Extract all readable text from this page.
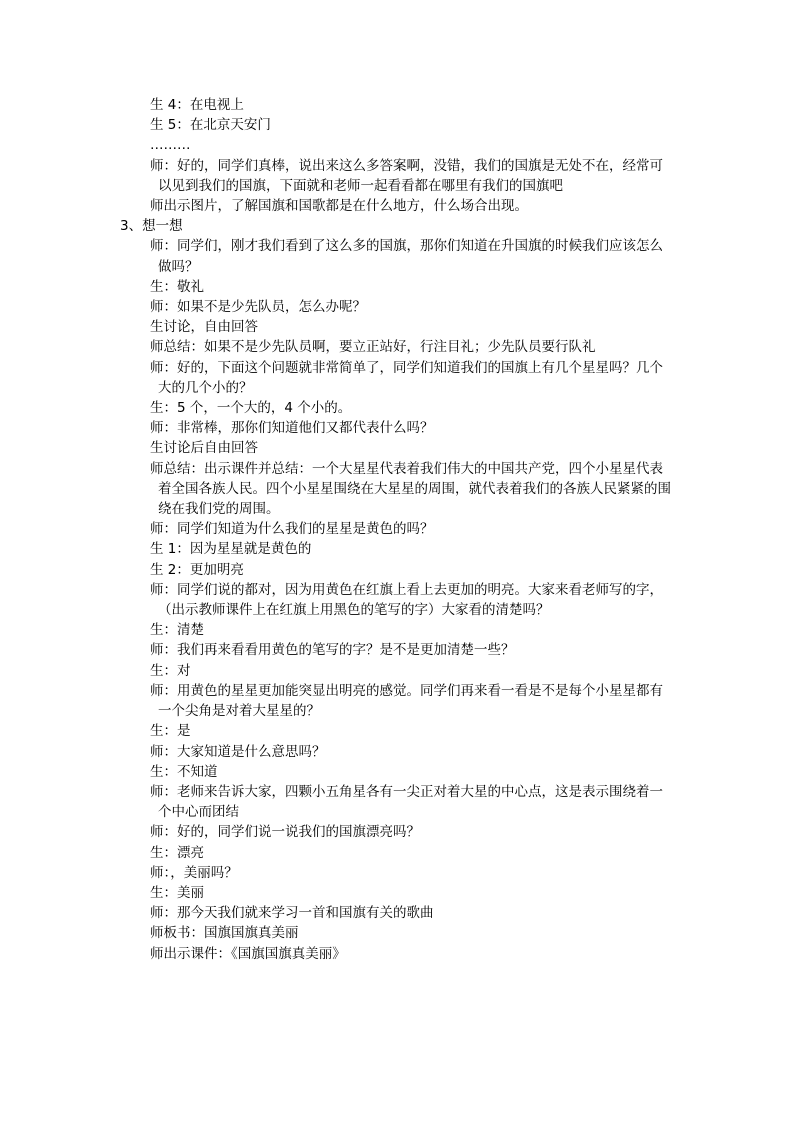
生 4：在电视上
生 5：在北京天安门
………
师：好的，同学们真棒，说出来这么多答案啊，没错，我们的国旗是无处不在，经常可
以见到我们的国旗，下面就和老师一起看看都在哪里有我们的国旗吧
师出示图片，了解国旗和国歌都是在什么地方，什么场合出现。
3、想一想
师：同学们，刚才我们看到了这么多的国旗，那你们知道在升国旗的时候我们应该怎么
做吗？
生：敬礼
师：如果不是少先队员，怎么办呢？
生讨论，自由回答
师总结：如果不是少先队员啊，要立正站好，行注目礼；少先队员要行队礼
师：好的，下面这个问题就非常简单了，同学们知道我们的国旗上有几个星星吗？几个
大的几个小的？
生：5 个，一个大的，4 个小的。
师：非常棒，那你们知道他们又都代表什么吗？
生讨论后自由回答
师总结：出示课件并总结：一个大星星代表着我们伟大的中国共产党，四个小星星代表
着全国各族人民。四个小星星围绕在大星星的周围，就代表着我们的各族人民紧紧的围
绕在我们党的周围。
师：同学们知道为什么我们的星星是黄色的吗？
生 1：因为星星就是黄色的
生 2：更加明亮
师：同学们说的都对，因为用黄色在红旗上看上去更加的明亮。大家来看老师写的字，
（出示教师课件上在红旗上用黑色的笔写的字）大家看的清楚吗？
生：清楚
师：我们再来看看用黄色的笔写的字？是不是更加清楚一些？
生：对
师：用黄色的星星更加能突显出明亮的感觉。同学们再来看一看是不是每个小星星都有
一个尖角是对着大星星的？
生：是
师：大家知道是什么意思吗？
生：不知道
师：老师来告诉大家，四颗小五角星各有一尖正对着大星的中心点，这是表示围绕着一
个中心而团结
师：好的，同学们说一说我们的国旗漂亮吗？
生：漂亮
师：，美丽吗？
生：美丽
师：那今天我们就来学习一首和国旗有关的歌曲
师板书：国旗国旗真美丽
师出示课件：《国旗国旗真美丽》
